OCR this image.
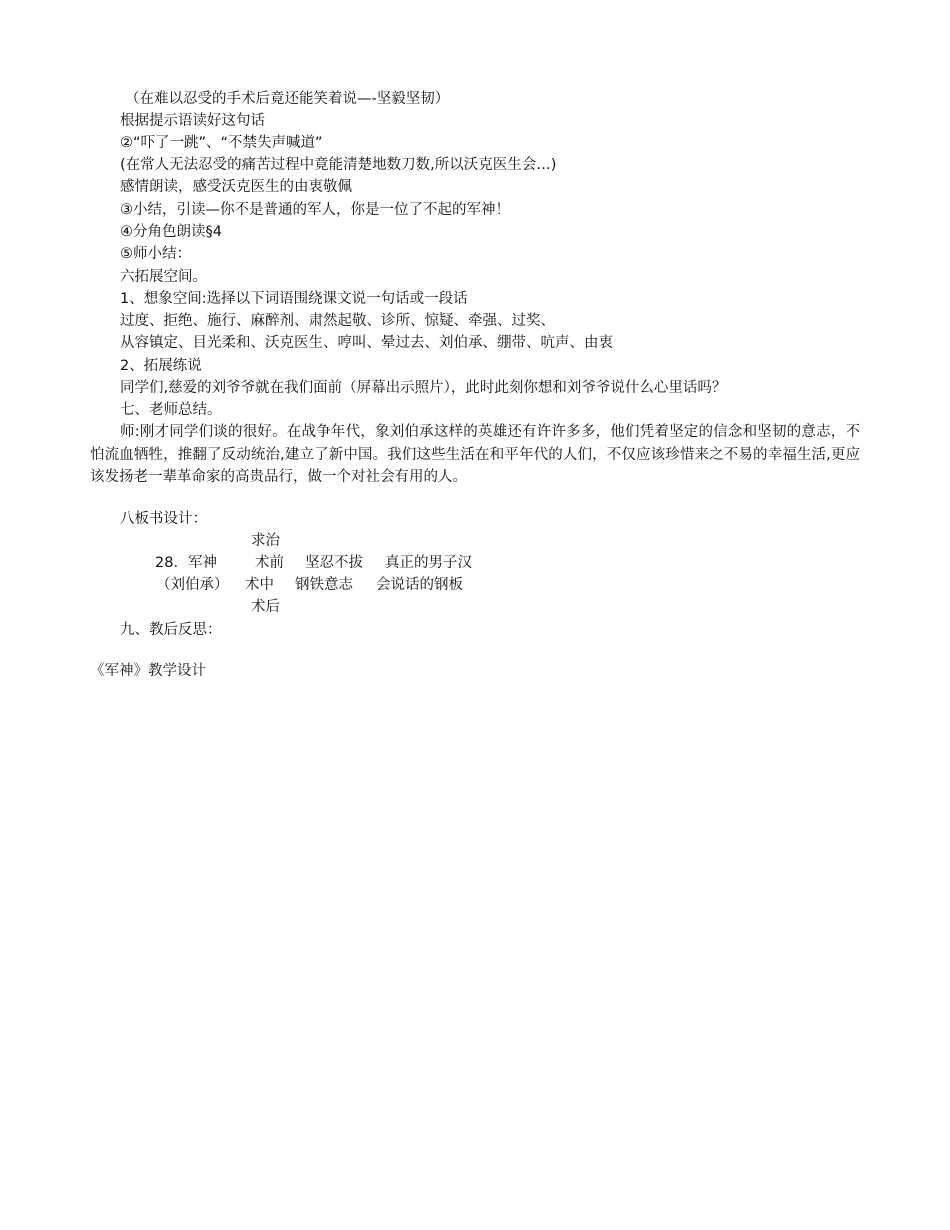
（在难以忍受的手术后竟还能笑着说—-坚毅坚韧）
根据提示语读好这句话
②“吓了一跳”、“不禁失声喊道”
(在常人无法忍受的痛苦过程中竟能清楚地数刀数,所以沃克医生会…)
感情朗读，感受沃克医生的由衷敬佩
③小结，引读—你不是普通的军人，你是一位了不起的军神！
④分角色朗读§4
⑤师小结：
六拓展空间。
1、想象空间:选择以下词语围绕课文说一句话或一段话
过度、拒绝、施行、麻醉剂、肃然起敬、诊所、惊疑、牵强、过奖、
从容镇定、目光柔和、沃克医生、哼叫、晕过去、刘伯承、绷带、吭声、由衷
2、拓展练说
同学们,慈爱的刘爷爷就在我们面前（屏幕出示照片），此时此刻你想和刘爷爷说什么心里话吗？
七、老师总结。
师:刚才同学们谈的很好。在战争年代，象刘伯承这样的英雄还有许许多多，他们凭着坚定的信念和坚韧的意志，不怕流血牺牲，推翻了反动统治,建立了新中国。我们这些生活在和平年代的人们，不仅应该珍惜来之不易的幸福生活,更应该发扬老一辈革命家的高贵品行，做一个对社会有用的人。
八板书设计：
求治
28．军神	术前 坚忍不拔 真正的男子汉
（刘伯承） 术中 钢铁意志 会说话的钢板
术后
九、教后反思：
《军神》教学设计
